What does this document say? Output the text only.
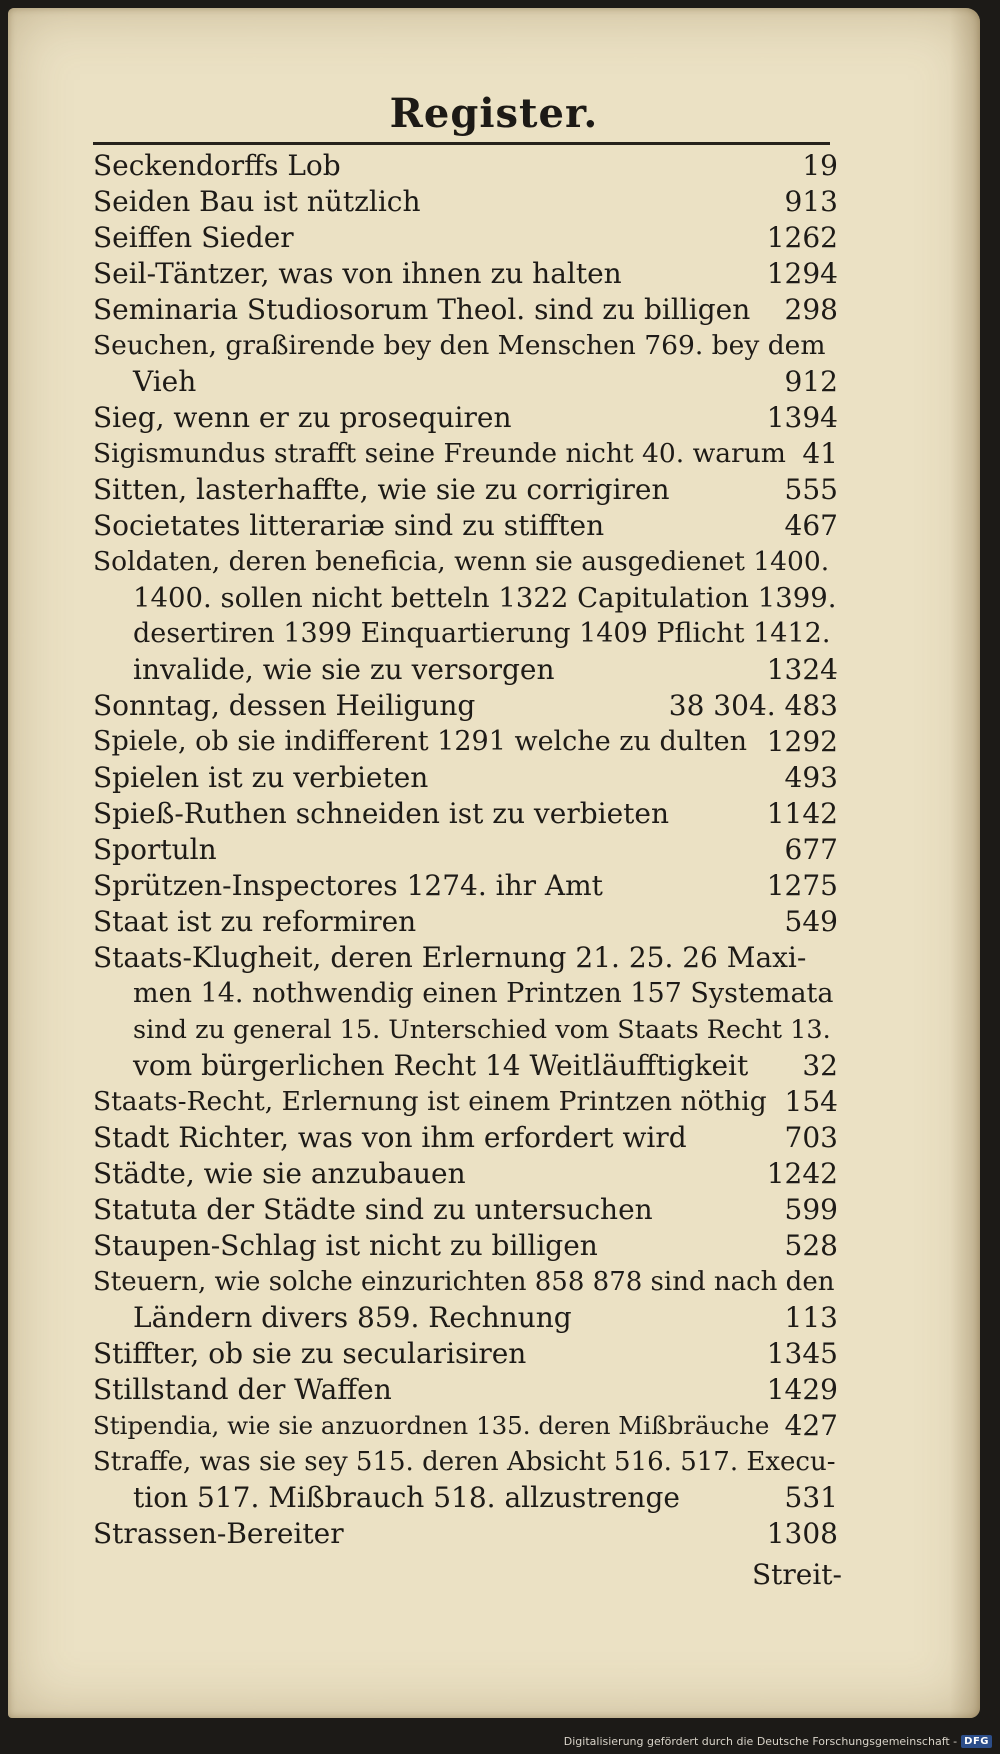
Register.
Seckendorffs Lob	19
Seiden Bau ist nützlich	913
Seiffen Sieder	1262
Seil-Täntzer, was von ihnen zu halten	1294
Seminaria Studiosorum Theol. sind zu billigen 298
Seuchen, graßirende bey den Menschen 769. bey dem
Vieh	912
Sieg, wenn er zu prosequiren	1394
Sigismundus strafft seine Freunde nicht 40. warum 41
Sitten, lasterhaffte, wie sie zu corrigiren	555
Societates litterariæ sind zu stifften	467
Soldaten, deren beneficia, wenn sie ausgedienet 1400.
1400. sollen nicht betteln 1322 Capitulation 1399.
desertiren 1399 Einquartierung 1409 Pflicht 1412.
invalide, wie sie zu versorgen	1324
Sonntag, dessen Heiligung	38 304. 483
Spiele, ob sie indifferent 1291 welche zu dulten 1292
Spielen ist zu verbieten	493
Spieß-Ruthen schneiden ist zu verbieten	1142
Sportuln	677
Sprützen-Inspectores 1274. ihr Amt	1275
Staat ist zu reformiren	549
Staats-Klugheit, deren Erlernung 21. 25. 26 Maxi-
men 14. nothwendig einen Printzen 157 Systemata
sind zu general 15. Unterschied vom Staats Recht 13.
vom bürgerlichen Recht 14 Weitläufftigkeit 32
Staats-Recht, Erlernung ist einem Printzen nöthig 154
Stadt Richter, was von ihm erfordert wird	703
Städte, wie sie anzubauen	1242
Statuta der Städte sind zu untersuchen	599
Staupen-Schlag ist nicht zu billigen	528
Steuern, wie solche einzurichten 858 878 sind nach den
Ländern divers 859. Rechnung	113
Stiffter, ob sie zu secularisiren	1345
Stillstand der Waffen	1429
Stipendia, wie sie anzuordnen 135. deren Mißbräuche 427
Straffe, was sie sey 515. deren Absicht 516. 517. Execu-
tion 517. Mißbrauch 518. allzustrenge	531
Strassen-Bereiter	1308
Streit-
Digitalisierung gefördert durch die Deutsche Forschungsgemeinschaft - DFG
